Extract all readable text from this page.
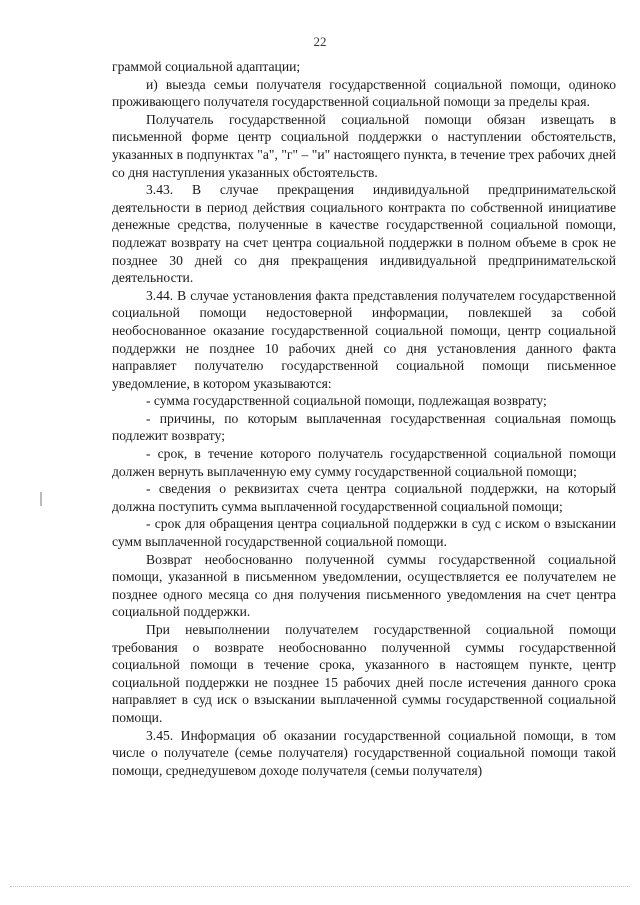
22

граммой социальной адаптации;

и) выезда семьи получателя государственной социальной помощи, одиноко проживающего получателя государственной социальной помощи за пределы края.

Получатель государственной социальной помощи обязан извещать в письменной форме центр социальной поддержки о наступлении обстоятельств, указанных в подпунктах "а", "г" – "и" настоящего пункта, в течение трех рабочих дней со дня наступления указанных обстоятельств.

3.43. В случае прекращения индивидуальной предпринимательской деятельности в период действия социального контракта по собственной инициативе денежные средства, полученные в качестве государственной социальной помощи, подлежат возврату на счет центра социальной поддержки в полном объеме в срок не позднее 30 дней со дня прекращения индивидуальной предпринимательской деятельности.

3.44. В случае установления факта представления получателем государственной социальной помощи недостоверной информации, повлекшей за собой необоснованное оказание государственной социальной помощи, центр социальной поддержки не позднее 10 рабочих дней со дня установления данного факта направляет получателю государственной социальной помощи письменное уведомление, в котором указываются:

- сумма государственной социальной помощи, подлежащая возврату;

- причины, по которым выплаченная государственная социальная помощь подлежит возврату;

- срок, в течение которого получатель государственной социальной помощи должен вернуть выплаченную ему сумму государственной социальной помощи;

- сведения о реквизитах счета центра социальной поддержки, на который должна поступить сумма выплаченной государственной социальной помощи;

- срок для обращения центра социальной поддержки в суд с иском о взыскании сумм выплаченной государственной социальной помощи.

Возврат необоснованно полученной суммы государственной социальной помощи, указанной в письменном уведомлении, осуществляется ее получателем не позднее одного месяца со дня получения письменного уведомления на счет центра социальной поддержки.

При невыполнении получателем государственной социальной помощи требования о возврате необоснованно полученной суммы государственной социальной помощи в течение срока, указанного в настоящем пункте, центр социальной поддержки не позднее 15 рабочих дней после истечения данного срока направляет в суд иск о взыскании выплаченной суммы государственной социальной помощи.

3.45. Информация об оказании государственной социальной помощи, в том числе о получателе (семье получателя) государственной социальной помощи такой помощи, среднедушевом доходе получателя (семьи получателя)
